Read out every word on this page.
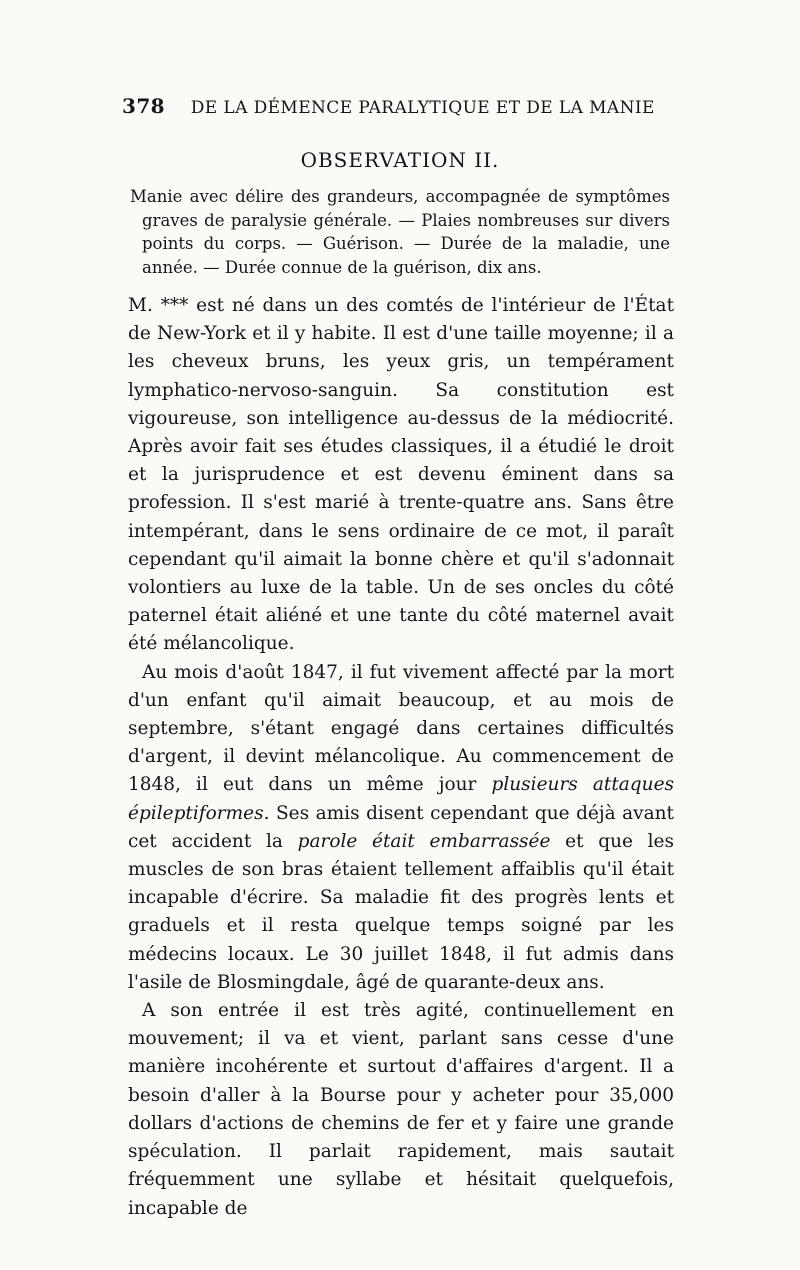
378 DE LA DÉMENCE PARALYTIQUE ET DE LA MANIE
OBSERVATION II.
Manie avec délire des grandeurs, accompagnée de symptômes graves de paralysie générale. — Plaies nombreuses sur divers points du corps. — Guérison. — Durée de la maladie, une année. — Durée connue de la guérison, dix ans.

M. *** est né dans un des comtés de l'intérieur de l'État de New-York et il y habite. Il est d'une taille moyenne; il a les cheveux bruns, les yeux gris, un tempérament lymphatico-nervoso-sanguin. Sa constitution est vigoureuse, son intelligence au-dessus de la médiocrité. Après avoir fait ses études classiques, il a étudié le droit et la jurisprudence et est devenu éminent dans sa profession. Il s'est marié à trente-quatre ans. Sans être intempérant, dans le sens ordinaire de ce mot, il paraît cependant qu'il aimait la bonne chère et qu'il s'adonnait volontiers au luxe de la table. Un de ses oncles du côté paternel était aliéné et une tante du côté maternel avait été mélancolique.

Au mois d'août 1847, il fut vivement affecté par la mort d'un enfant qu'il aimait beaucoup, et au mois de septembre, s'étant engagé dans certaines difficultés d'argent, il devint mélancolique. Au commencement de 1848, il eut dans un même jour plusieurs attaques épileptiformes. Ses amis disent cependant que déjà avant cet accident la parole était embarrassée et que les muscles de son bras étaient tellement affaiblis qu'il était incapable d'écrire. Sa maladie fit des progrès lents et graduels et il resta quelque temps soigné par les médecins locaux. Le 30 juillet 1848, il fut admis dans l'asile de Blosmingdale, âgé de quarante-deux ans.

A son entrée il est très agité, continuellement en mouvement; il va et vient, parlant sans cesse d'une manière incohérente et surtout d'affaires d'argent. Il a besoin d'aller à la Bourse pour y acheter pour 35,000 dollars d'actions de chemins de fer et y faire une grande spéculation. Il parlait rapidement, mais sautait fréquemment une syllabe et hésitait quelquefois, incapable de
